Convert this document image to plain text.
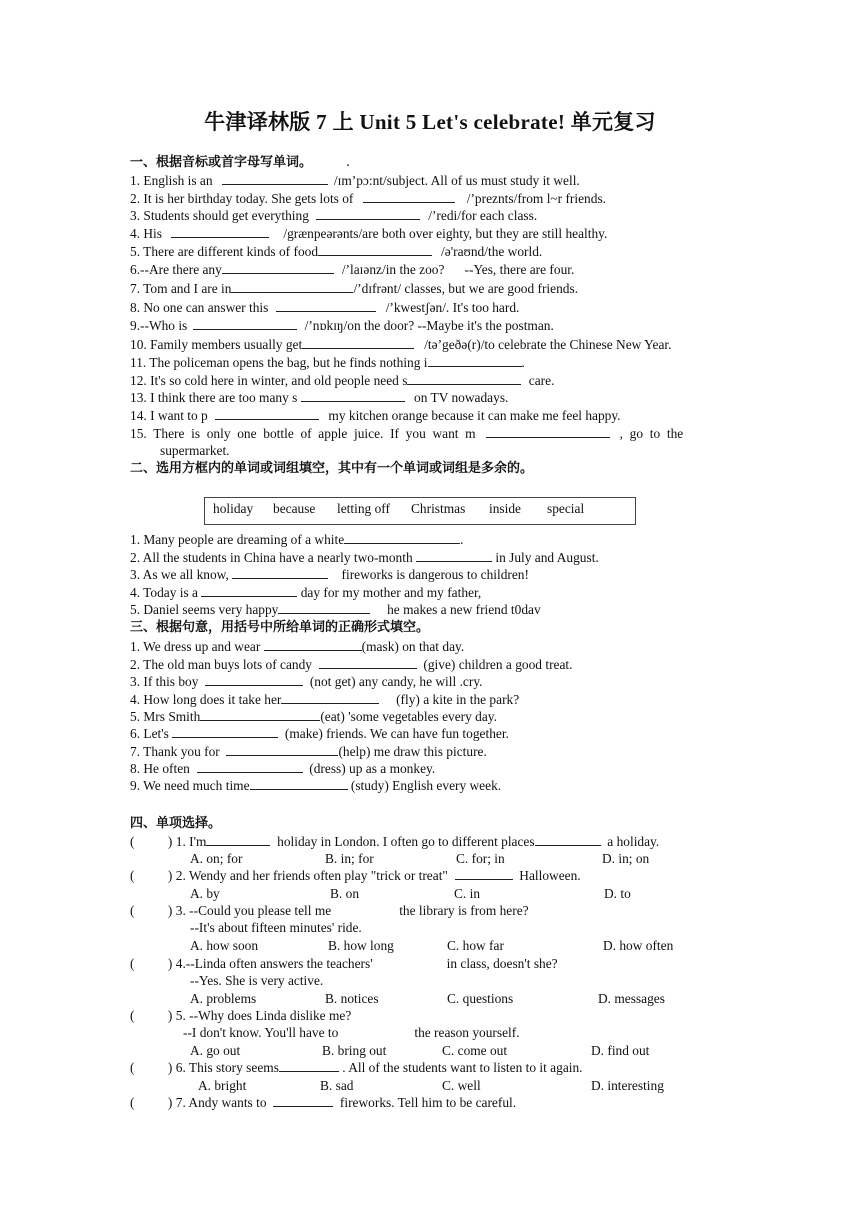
牛津译林版 7 上 Unit 5 Let's celebrate! 单元复习
一、根据音标或首字母写单词。	.
1. English is an	/ɪm’pɔ:nt/subject. All of us must study it well.
2. It is her birthday today. She gets lots of	/’preznts/from l~r friends.
3. Students should get everything	/’redi/for each class.
4. His	/grænpeərənts/are both over eighty, but they are still healthy.
5. There are different kinds of food	/ə'raʊnd/the world.
6.--Are there any	/’laɪənz/in the zoo?      --Yes, there are four.
7. Tom and I are in	/’dɪfrənt/ classes, but we are good friends.
8. No one can answer this	/’kwestʃən/. It's too hard.
9.--Who is	/’nɒkɪŋ/on the door? --Maybe it's the postman.
10. Family members usually get	/tə’geðə(r)/to celebrate the Chinese New Year.
11. The policeman opens the bag, but he finds nothing i	.
12. It's so cold here in winter, and old people need s	care.
13. I think there are too many s	on TV nowadays.
14. I want to p	my kitchen orange because it can make me feel happy.
15.  There  is  only  one  bottle  of  apple  juice.  If  you  want  m	,  go  to  the
supermarket.
二、选用方框内的单词或词组填空，其中有一个单词或词组是多余的。
holiday because letting off Christmas inside special
1. Many people are dreaming of a white	.
2. All the students in China have a nearly two-month	in July and August.
3. As we all know,	fireworks is dangerous to children!
4. Today is a	day for my mother and my father,
5. Daniel seems very happy	he makes a new friend t0dav
三、根据句意，用括号中所给单词的正确形式填空。
1. We dress up and wear	(mask) on that day.
2. The old man buys lots of candy	(give) children a good treat.
3. If this boy	(not get) any candy, he will .cry.
4. How long does it take her	(fly) a kite in the park?
5. Mrs Smith	(eat) 'some vegetables every day.
6. Let's	(make) friends. We can have fun together.
7. Thank you for	(help) me draw this picture.
8. He often	(dress) up as a monkey.
9. We need much time	(study) English every week.
四、单项选择。
(          ) 1. I'm	holiday in London. I often go to different places	a holiday.
A. on; for	B. in; for	C. for; in	D. in; on
(          ) 2. Wendy and her friends often play "trick or treat"	Halloween.
A. by	B. on	C. in	D. to
(          ) 3. --Could you please tell me	the library is from here?
--It's about fifteen minutes' ride.
A. how soon	B. how long	C. how far	D. how often
(          ) 4.--Linda often answers the teachers'	in class, doesn't she?
--Yes. She is very active.
A. problems	B. notices	C. questions	D. messages
(          ) 5. --Why does Linda dislike me?
--I don't know. You'll have to	the reason yourself.
A. go out	B. bring out	C. come out	D. find out
(          ) 6. This story seems	. All of the students want to listen to it again.
A. bright	B. sad	C. well	D. interesting
(          ) 7. Andy wants to	fireworks. Tell him to be careful.
